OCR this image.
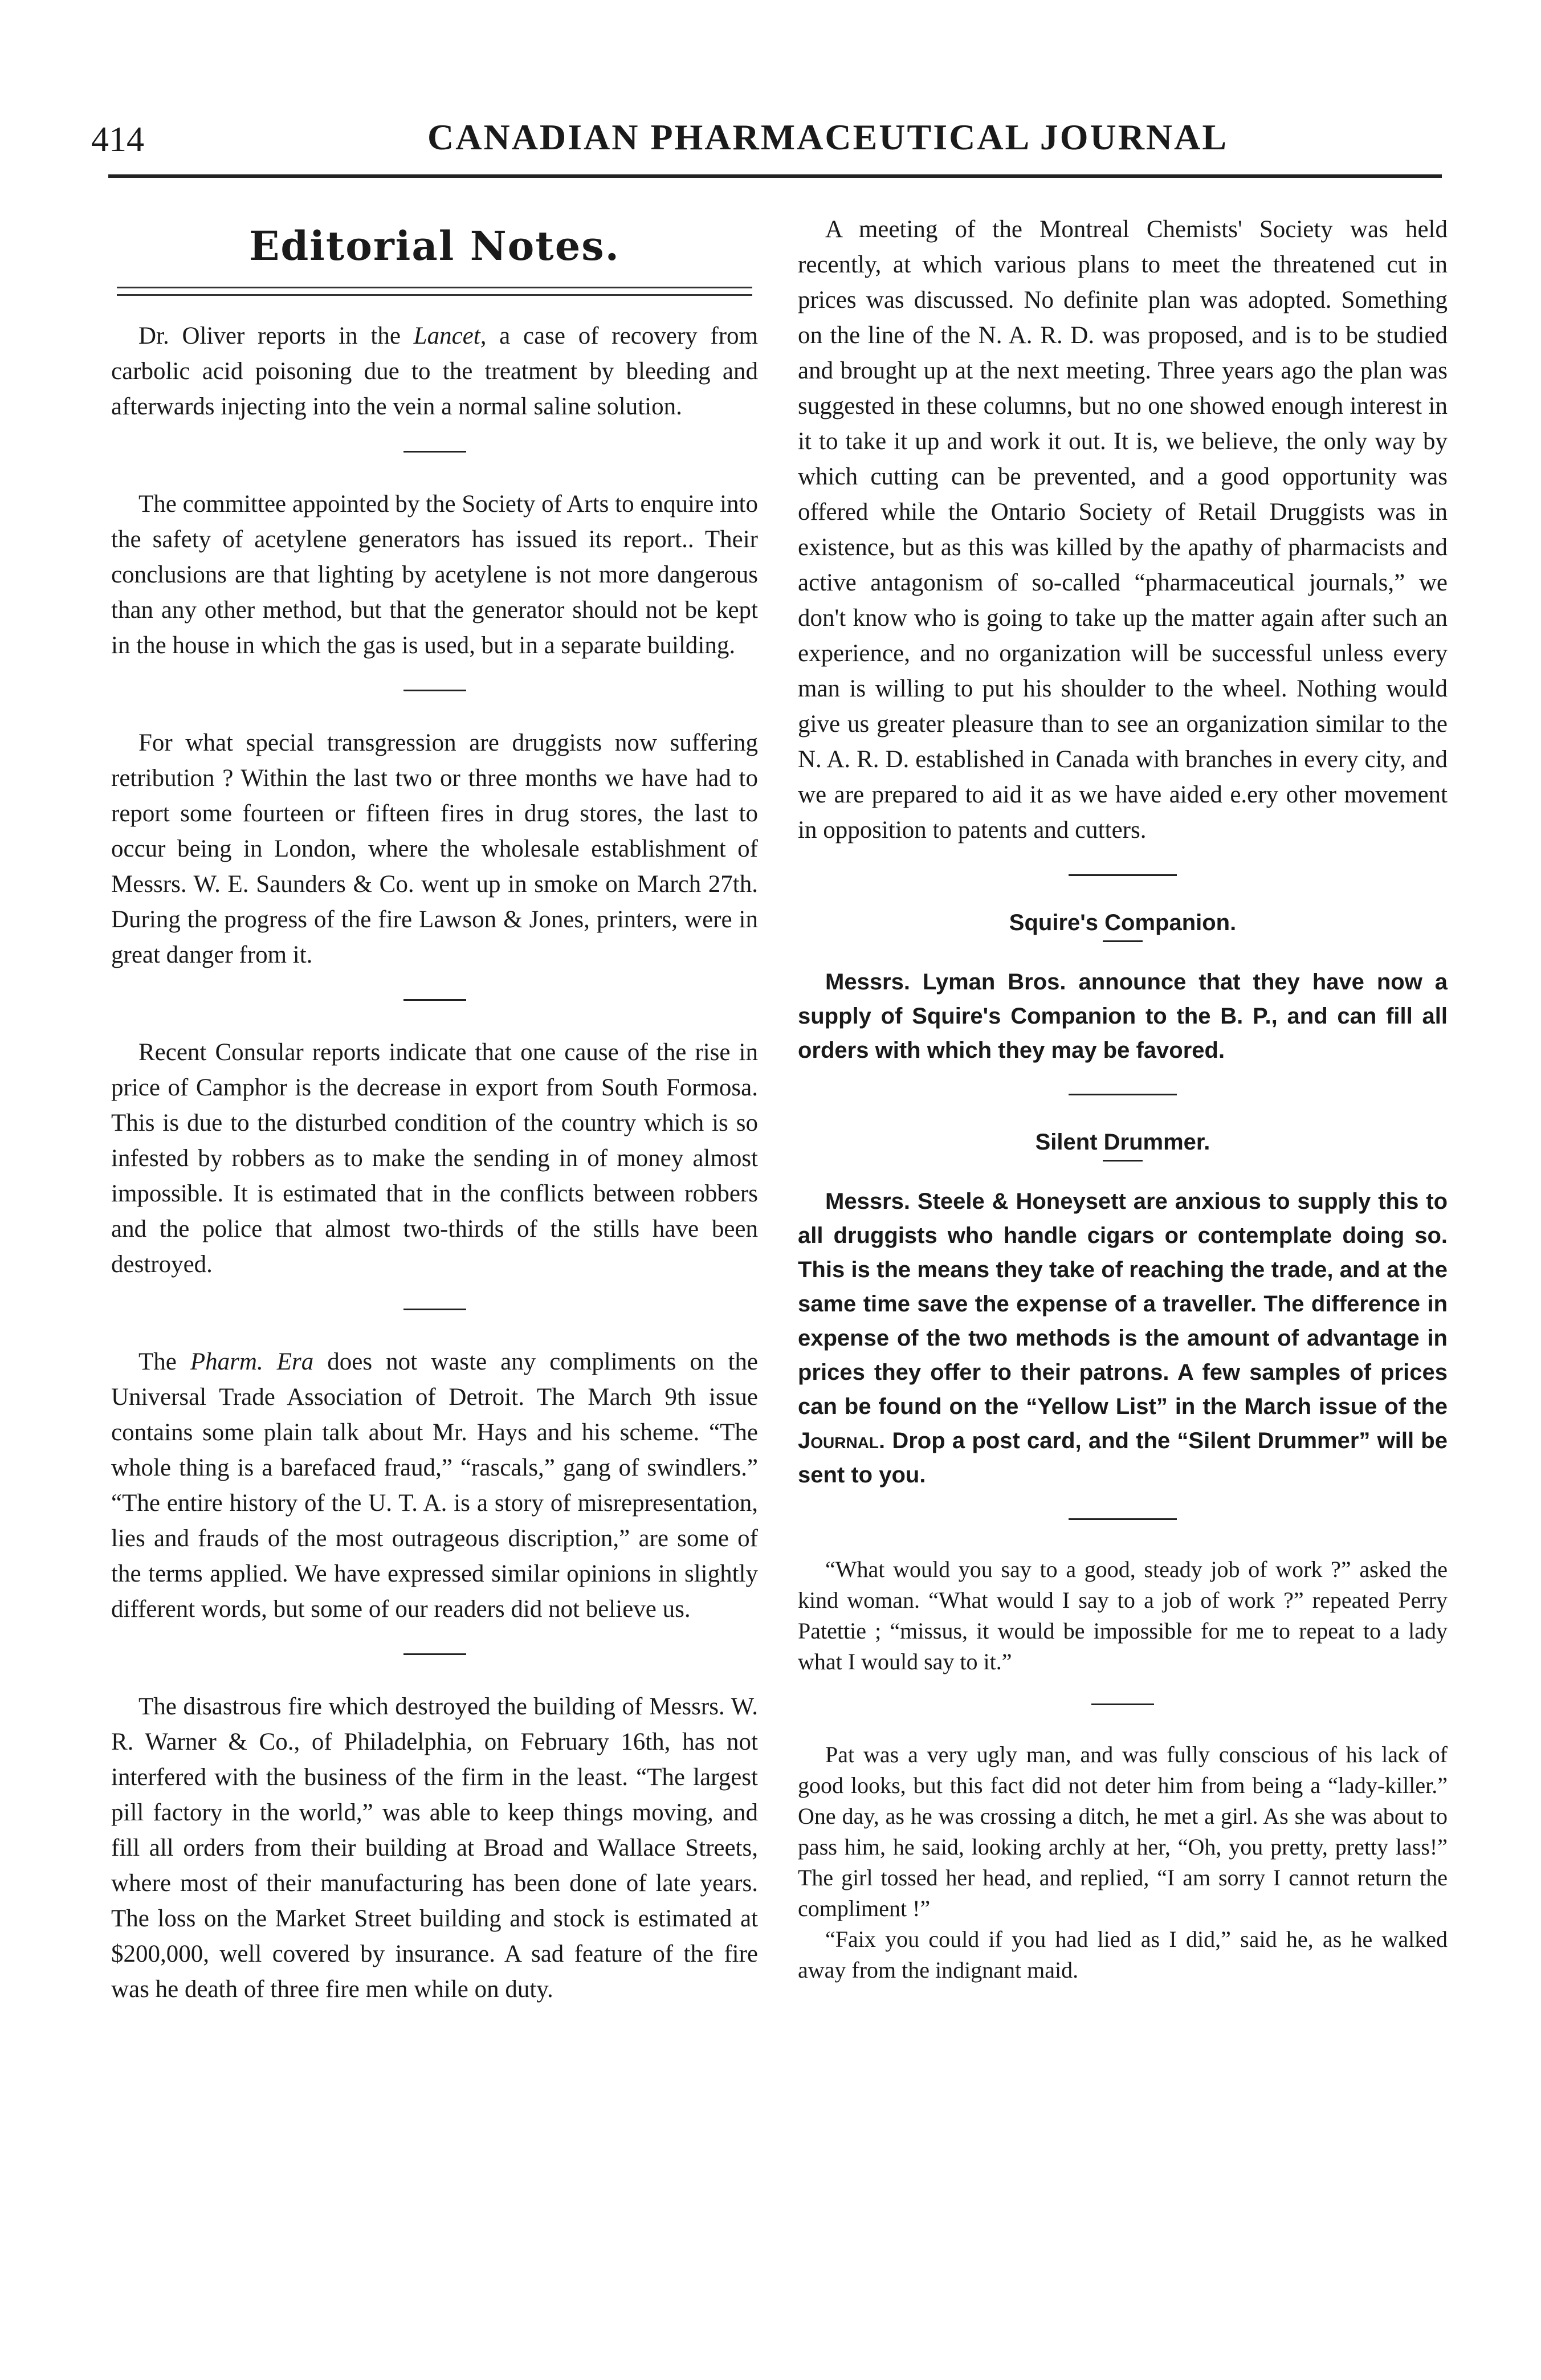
414	CANADIAN PHARMACEUTICAL JOURNAL
Editorial Notes.

Dr. Oliver reports in the Lancet, a case of recovery from carbolic acid poisoning due to the treatment by bleeding and afterwards injecting into the vein a normal saline solution.

The committee appointed by the Society of Arts to enquire into the safety of acetylene generators has issued its report.. Their conclusions are that lighting by acetylene is not more dangerous than any other method, but that the generator should not be kept in the house in which the gas is used, but in a separate building.

For what special transgression are druggists now suffering retribution ? Within the last two or three months we have had to report some fourteen or fifteen fires in drug stores, the last to occur being in London, where the wholesale establishment of Messrs. W. E. Saunders & Co. went up in smoke on March 27th. During the progress of the fire Lawson & Jones, printers, were in great danger from it.

Recent Consular reports indicate that one cause of the rise in price of Camphor is the decrease in export from South Formosa. This is due to the disturbed condition of the country which is so infested by robbers as to make the sending in of money almost impossible. It is estimated that in the conflicts between robbers and the police that almost two-thirds of the stills have been destroyed.

The Pharm. Era does not waste any compliments on the Universal Trade Association of Detroit. The March 9th issue contains some plain talk about Mr. Hays and his scheme. “The whole thing is a barefaced fraud,” “rascals,” gang of swindlers.” “The entire history of the U. T. A. is a story of misrepresentation, lies and frauds of the most outrageous discription,” are some of the terms applied. We have expressed similar opinions in slightly different words, but some of our readers did not believe us.

The disastrous fire which destroyed the building of Messrs. W. R. Warner & Co., of Philadelphia, on February 16th, has not interfered with the business of the firm in the least. “The largest pill factory in the world,” was able to keep things moving, and fill all orders from their building at Broad and Wallace Streets, where most of their manufacturing has been done of late years. The loss on the Market Street building and stock is estimated at $200,000, well covered by insurance. A sad feature of the fire was he death of three fire men while on duty.

A meeting of the Montreal Chemists' Society was held recently, at which various plans to meet the threatened cut in prices was discussed. No definite plan was adopted. Something on the line of the N. A. R. D. was proposed, and is to be studied and brought up at the next meeting. Three years ago the plan was suggested in these columns, but no one showed enough interest in it to take it up and work it out. It is, we believe, the only way by which cutting can be prevented, and a good opportunity was offered while the Ontario Society of Retail Druggists was in existence, but as this was killed by the apathy of pharmacists and active antagonism of so-called “pharmaceutical journals,” we don't know who is going to take up the matter again after such an experience, and no organization will be successful unless every man is willing to put his shoulder to the wheel. Nothing would give us greater pleasure than to see an organization similar to the N. A. R. D. established in Canada with branches in every city, and we are prepared to aid it as we have aided e.ery other movement in opposition to patents and cutters.

Squire's Companion.

Messrs. Lyman Bros. announce that they have now a supply of Squire's Companion to the B. P., and can fill all orders with which they may be favored.

Silent Drummer.

Messrs. Steele & Honeysett are anxious to supply this to all druggists who handle cigars or contemplate doing so. This is the means they take of reaching the trade, and at the same time save the expense of a traveller. The difference in expense of the two methods is the amount of advantage in prices they offer to their patrons. A few samples of prices can be found on the “Yellow List” in the March issue of the Journal. Drop a post card, and the “Silent Drummer” will be sent to you.

“What would you say to a good, steady job of work ?” asked the kind woman. “What would I say to a job of work ?” repeated Perry Patettie ; “missus, it would be impossible for me to repeat to a lady what I would say to it.”

Pat was a very ugly man, and was fully conscious of his lack of good looks, but this fact did not deter him from being a “lady-killer.” One day, as he was crossing a ditch, he met a girl. As she was about to pass him, he said, looking archly at her, “Oh, you pretty, pretty lass!” The girl tossed her head, and replied, “I am sorry I cannot return the compliment !”

“Faix you could if you had lied as I did,” said he, as he walked away from the indignant maid.
